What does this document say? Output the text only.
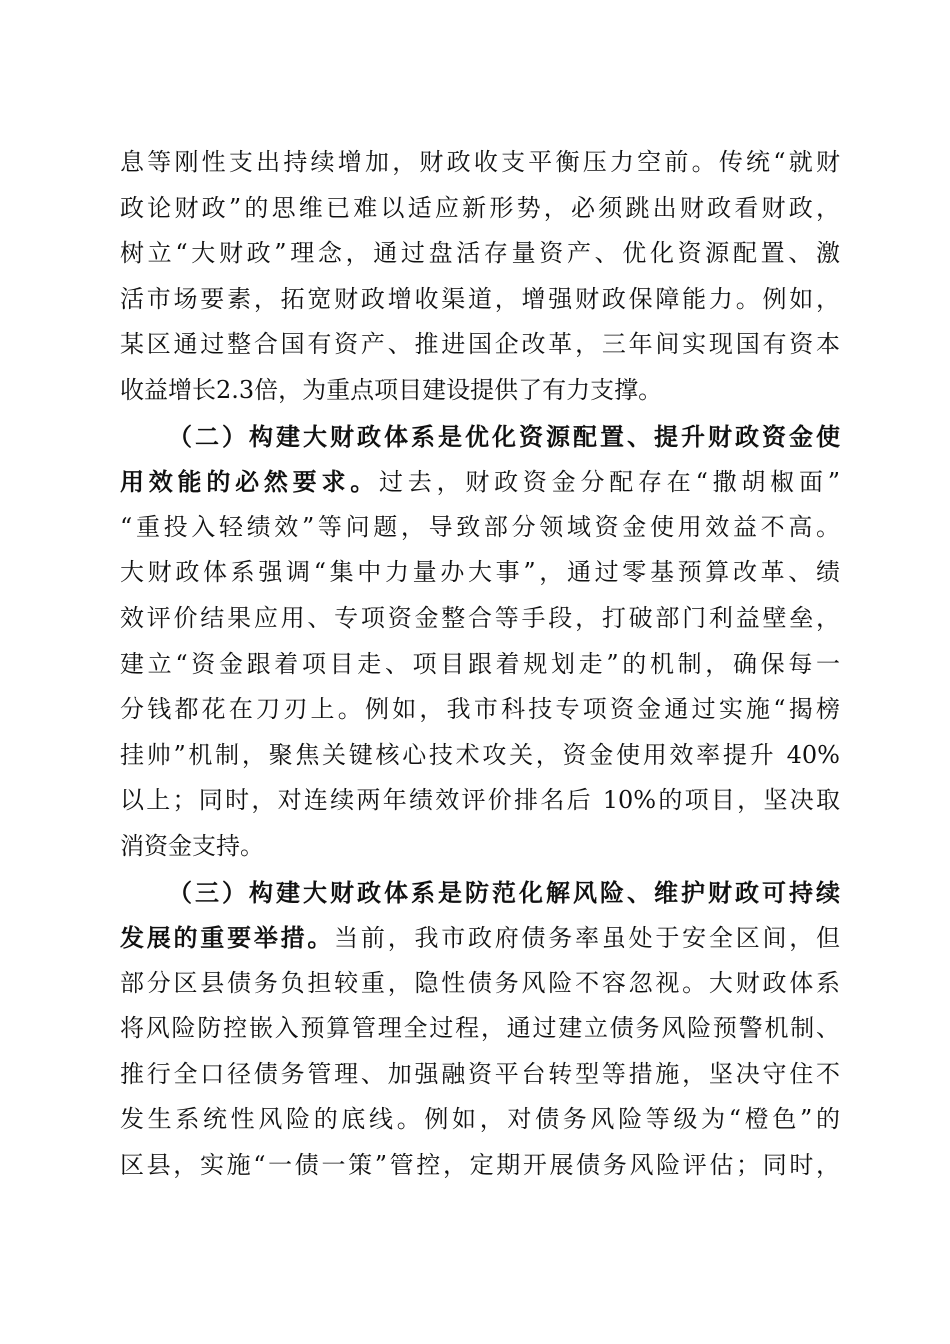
息等刚性支出持续增加，财政收支平衡压力空前。传统“就财
政论财政”的思维已难以适应新形势，必须跳出财政看财政，
树立“大财政”理念，通过盘活存量资产、优化资源配置、激
活市场要素，拓宽财政增收渠道，增强财政保障能力。例如，
某区通过整合国有资产、推进国企改革，三年间实现国有资本
收益增长2.3倍，为重点项目建设提供了有力支撑。
（二）构建大财政体系是优化资源配置、提升财政资金使
用效能的必然要求。过去，财政资金分配存在“撒胡椒面”
“重投入轻绩效”等问题，导致部分领域资金使用效益不高。
大财政体系强调“集中力量办大事”，通过零基预算改革、绩
效评价结果应用、专项资金整合等手段，打破部门利益壁垒，
建立“资金跟着项目走、项目跟着规划走”的机制，确保每一
分钱都花在刀刃上。例如，我市科技专项资金通过实施“揭榜
挂帅”机制，聚焦关键核心技术攻关，资金使用效率提升 40%
以上；同时，对连续两年绩效评价排名后 10%的项目，坚决取
消资金支持。
（三）构建大财政体系是防范化解风险、维护财政可持续
发展的重要举措。当前，我市政府债务率虽处于安全区间，但
部分区县债务负担较重，隐性债务风险不容忽视。大财政体系
将风险防控嵌入预算管理全过程，通过建立债务风险预警机制、
推行全口径债务管理、加强融资平台转型等措施，坚决守住不
发生系统性风险的底线。例如，对债务风险等级为“橙色”的
区县，实施“一债一策”管控，定期开展债务风险评估；同时，
